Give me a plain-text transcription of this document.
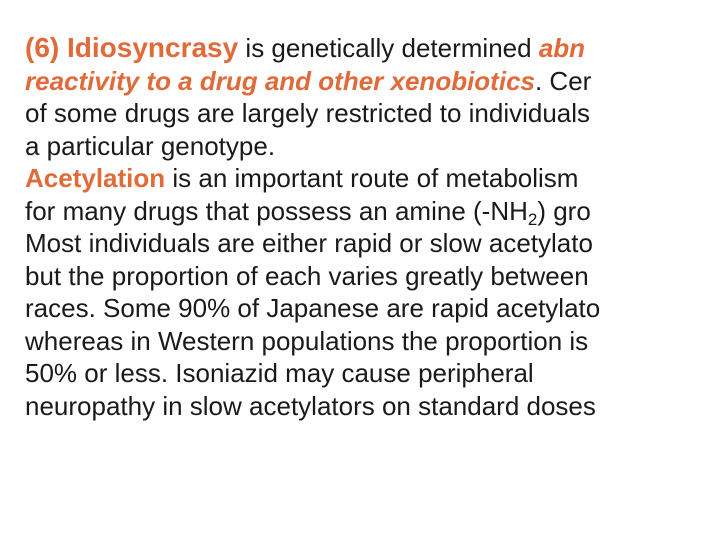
(6) Idiosyncrasy is genetically determined abn
reactivity to a drug and other xenobiotics. Cer
of some drugs are largely restricted to individuals
a particular genotype.
Acetylation is an important route of metabolism
for many drugs that possess an amine $(-NH_2)$ gro
Most individuals are either rapid or slow acetylato
but the proportion of each varies greatly between
races. Some 90% of Japanese are rapid acetylato
whereas in Western populations the proportion is
50% or less. Isoniazid may cause peripheral
neuropathy in slow acetylators on standard doses
